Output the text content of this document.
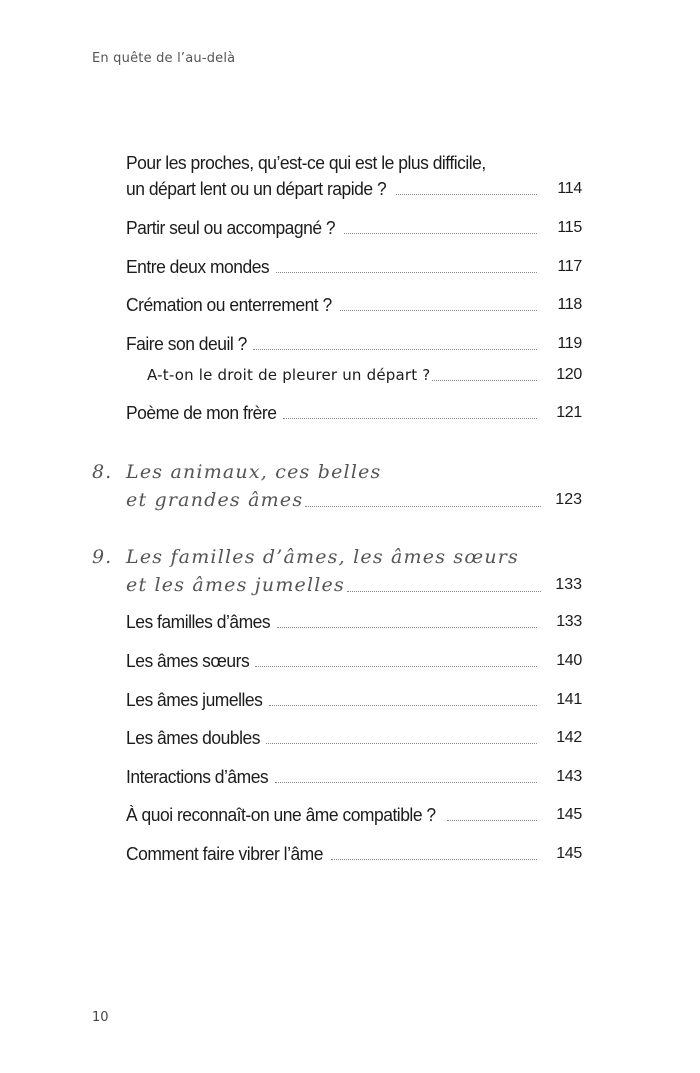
En quête de l’au-delà
Pour les proches, qu’est-ce qui est le plus difficile,
un départ lent ou un départ rapide ?	114
Partir seul ou accompagné ?	115
Entre deux mondes	117
Crémation ou enterrement ?	118
Faire son deuil ?	119
A-t-on le droit de pleurer un départ ?	120
Poème de mon frère	121
8. Les animaux, ces belles
et grandes âmes	123
9. Les familles d’âmes, les âmes sœurs
et les âmes jumelles	133
Les familles d’âmes	133
Les âmes sœurs	140
Les âmes jumelles	141
Les âmes doubles	142
Interactions d’âmes	143
À quoi reconnaît-on une âme compatible ?	145
Comment faire vibrer l’âme	145
10
